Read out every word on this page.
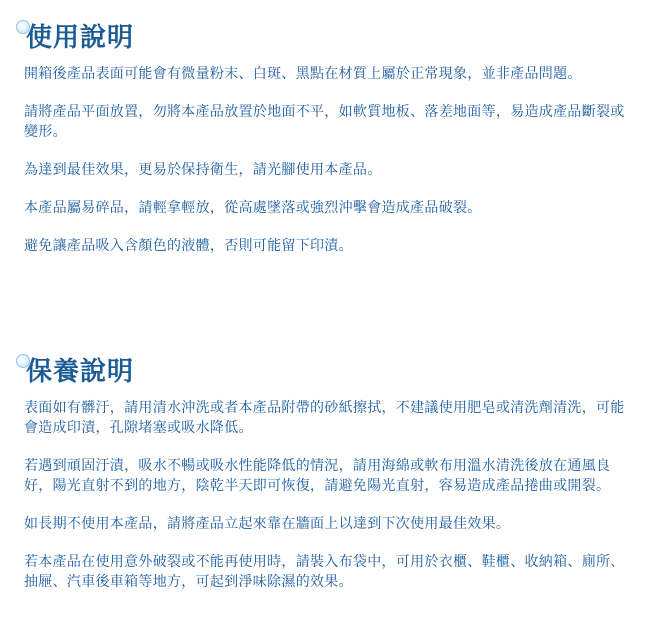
使用說明

開箱後產品表面可能會有微量粉末、白斑、黑點在材質上屬於正常現象，並非產品問題。

請將產品平面放置，勿將本產品放置於地面不平，如軟質地板、落差地面等，易造成產品斷裂或變形。

為達到最佳效果，更易於保持衛生，請光腳使用本產品。

本產品屬易碎品，請輕拿輕放，從高處墜落或強烈沖擊會造成產品破裂。

避免讓產品吸入含顏色的液體，否則可能留下印漬。

保養說明

表面如有髒汙，請用清水沖洗或者本產品附帶的砂紙擦拭，不建議使用肥皂或清洗劑清洗，可能會造成印漬，孔隙堵塞或吸水降低。

若遇到頑固汙漬，吸水不暢或吸水性能降低的情況，請用海綿或軟布用溫水清洗後放在通風良好，陽光直射不到的地方，陰乾半天即可恢復，請避免陽光直射，容易造成產品捲曲或開裂。

如長期不使用本產品，請將產品立起來靠在牆面上以達到下次使用最佳效果。

若本產品在使用意外破裂或不能再使用時，請裝入布袋中，可用於衣櫃、鞋櫃、收納箱、廁所、抽屜、汽車後車箱等地方，可起到淨味除濕的效果。
